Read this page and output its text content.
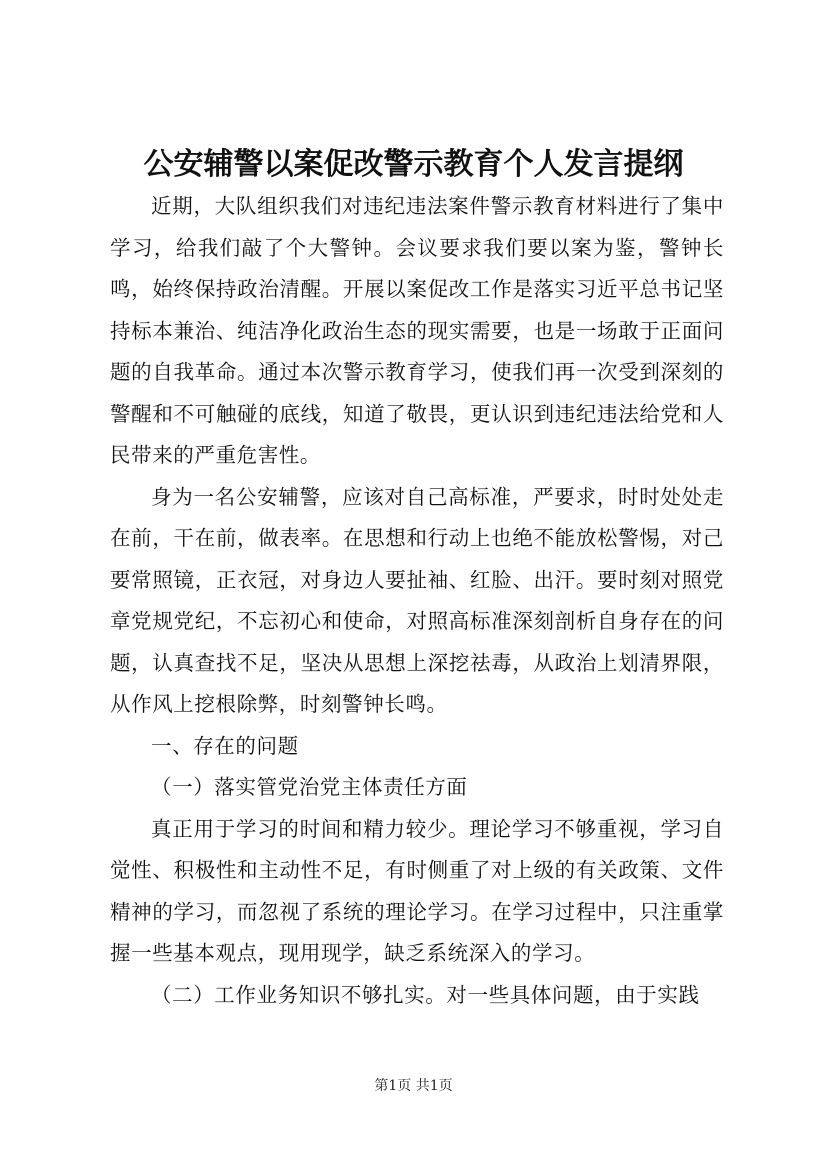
公安辅警以案促改警示教育个人发言提纲

近期，大队组织我们对违纪违法案件警示教育材料进行了集中学习，给我们敲了个大警钟。会议要求我们要以案为鉴，警钟长鸣，始终保持政治清醒。开展以案促改工作是落实习近平总书记坚持标本兼治、纯洁净化政治生态的现实需要，也是一场敢于正面问题的自我革命。通过本次警示教育学习，使我们再一次受到深刻的警醒和不可触碰的底线，知道了敬畏，更认识到违纪违法给党和人民带来的严重危害性。

身为一名公安辅警，应该对自己高标准，严要求，时时处处走在前，干在前，做表率。在思想和行动上也绝不能放松警惕，对己要常照镜，正衣冠，对身边人要扯袖、红脸、出汗。要时刻对照党章党规党纪，不忘初心和使命，对照高标准深刻剖析自身存在的问题，认真查找不足，坚决从思想上深挖祛毒，从政治上划清界限，从作风上挖根除弊，时刻警钟长鸣。

一、存在的问题

（一）落实管党治党主体责任方面

真正用于学习的时间和精力较少。理论学习不够重视，学习自觉性、积极性和主动性不足，有时侧重了对上级的有关政策、文件精神的学习，而忽视了系统的理论学习。在学习过程中，只注重掌握一些基本观点，现用现学，缺乏系统深入的学习。

（二）工作业务知识不够扎实。对一些具体问题，由于实践

第1页 共1页
